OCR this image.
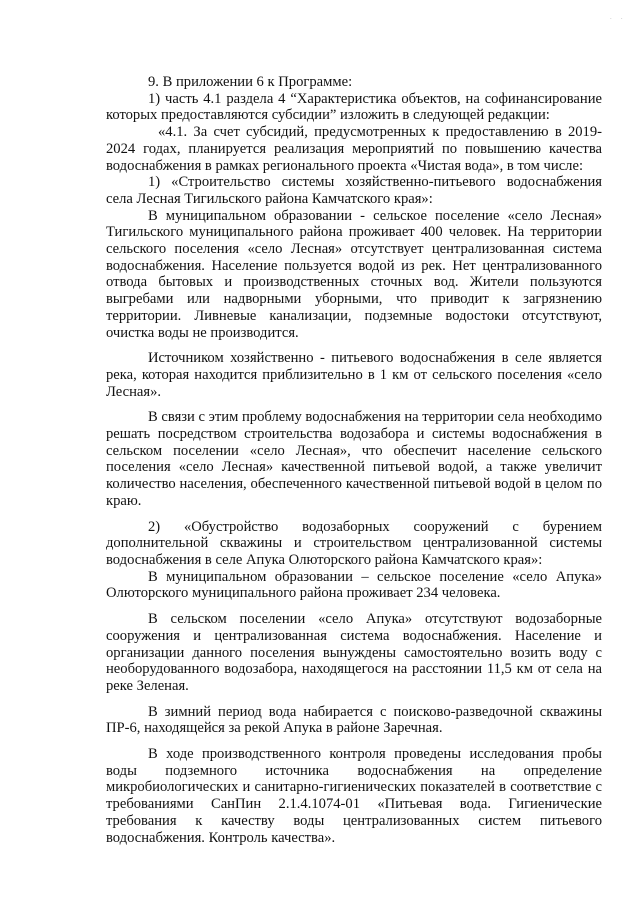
· ·

9. В приложении 6 к Программе:

1) часть 4.1 раздела 4 “Характеристика объектов, на софинансирование которых предоставляются субсидии” изложить в следующей редакции:

«4.1. За счет субсидий, предусмотренных к предоставлению в 2019-2024 годах, планируется реализация мероприятий по повышению качества водоснабжения в рамках регионального проекта «Чистая вода», в том числе:

1) «Строительство системы хозяйственно-питьевого водоснабжения села Лесная Тигильского района Камчатского края»:

В муниципальном образовании - сельское поселение «село Лесная» Тигильского муниципального района проживает 400 человек. На территории сельского поселения «село Лесная» отсутствует централизованная система водоснабжения. Население пользуется водой из рек. Нет централизованного отвода бытовых и производственных сточных вод. Жители пользуются выгребами или надворными уборными, что приводит к загрязнению территории. Ливневые канализации, подземные водостоки отсутствуют, очистка воды не производится.

Источником хозяйственно - питьевого водоснабжения в селе является река, которая находится приблизительно в 1 км от сельского поселения «село Лесная».

В связи с этим проблему водоснабжения на территории села необходимо решать посредством строительства водозабора и системы водоснабжения в сельском поселении «село Лесная», что обеспечит население сельского поселения «село Лесная» качественной питьевой водой, а также увеличит количество населения, обеспеченного качественной питьевой водой в целом по краю.

2) «Обустройство водозаборных сооружений с бурением дополнительной скважины и строительством централизованной системы водоснабжения в селе Апука Олюторского района Камчатского края»:

В муниципальном образовании – сельское поселение «село Апука» Олюторского муниципального района проживает 234 человека.

В сельском поселении «село Апука» отсутствуют водозаборные сооружения и централизованная система водоснабжения. Население и организации данного поселения вынуждены самостоятельно возить воду с необорудованного водозабора, находящегося на расстоянии 11,5 км от села на реке Зеленая.

В зимний период вода набирается с поисково-разведочной скважины ПР-6, находящейся за рекой Апука в районе Заречная.

В ходе производственного контроля проведены исследования пробы воды подземного источника водоснабжения на определение микробиологических и санитарно-гигиенических показателей в соответствие с требованиями СанПин 2.1.4.1074-01 «Питьевая вода. Гигиенические требования к качеству воды централизованных систем питьевого водоснабжения. Контроль качества».
